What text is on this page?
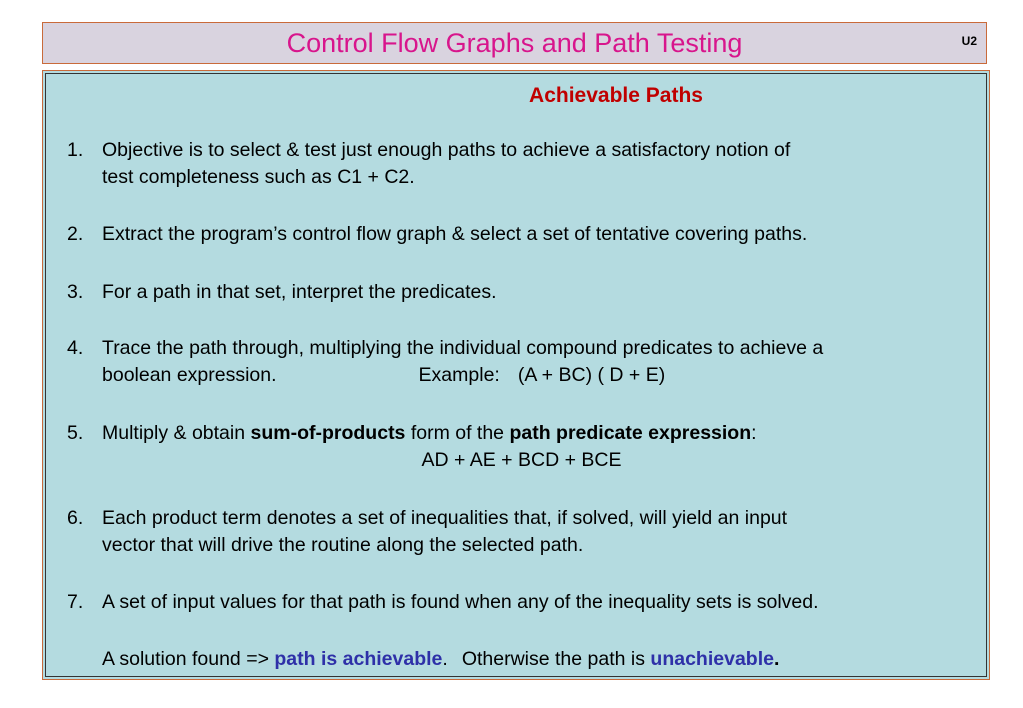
Control Flow Graphs and Path Testing	U2
Achievable Paths
1. Objective is to select & test just enough paths to achieve a satisfactory notion of
test completeness such as C1 + C2.
2. Extract the program’s control flow graph & select a set of tentative covering paths.
3. For a path in that set, interpret the predicates.
4. Trace the path through, multiplying the individual compound predicates to achieve a
boolean expression.	Example: (A + BC) ( D + E)
5. Multiply & obtain sum-of-products form of the path predicate expression:
AD + AE + BCD + BCE
6. Each product term denotes a set of inequalities that, if solved, will yield an input
vector that will drive the routine along the selected path.
7. A set of input values for that path is found when any of the inequality sets is solved.
A solution found => path is achievable. Otherwise the path is unachievable.
